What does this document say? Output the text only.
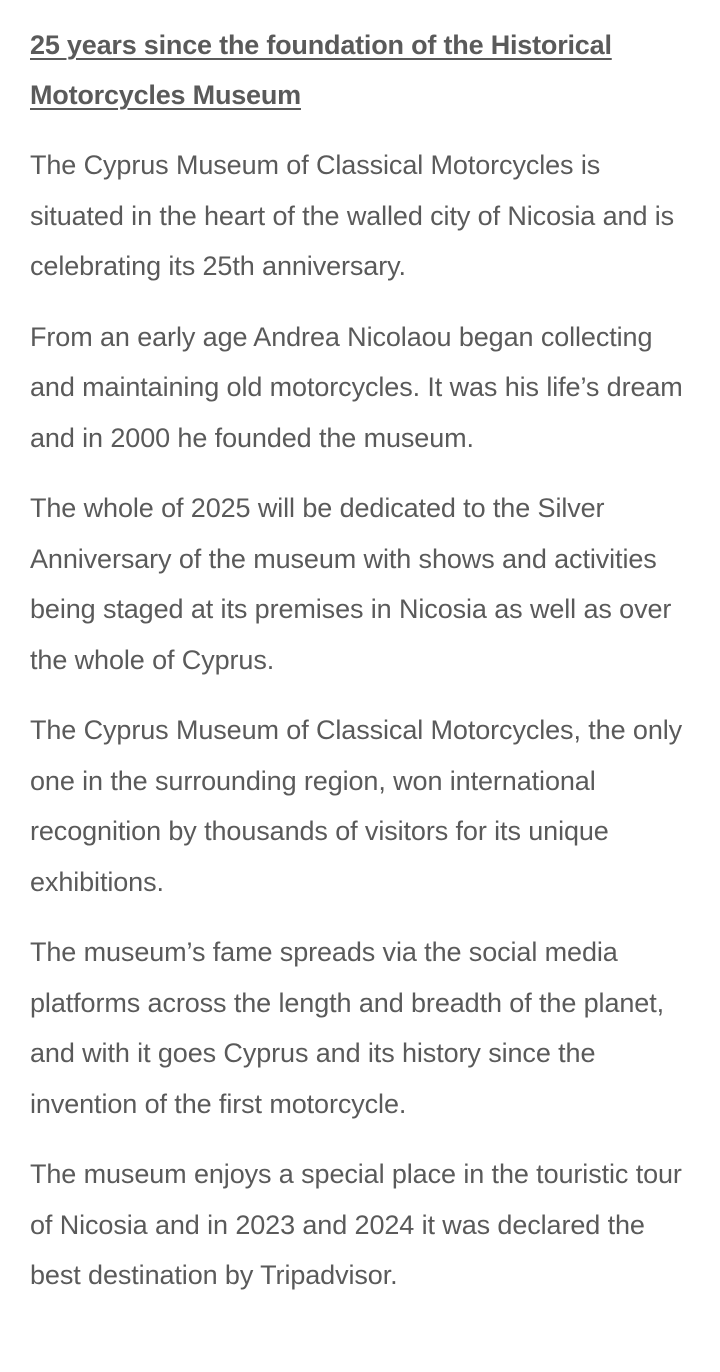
25 years since the foundation of the Historical Motorcycles Museum

The Cyprus Museum of Classical Motorcycles is situated in the heart of the walled city of Nicosia and is celebrating its 25th anniversary.

From an early age Andrea Nicolaou began collecting and maintaining old motorcycles. It was his life’s dream and in 2000 he founded the museum.

The whole of 2025 will be dedicated to the Silver Anniversary of the museum with shows and activities being staged at its premises in Nicosia as well as over the whole of Cyprus.

The Cyprus Museum of Classical Motorcycles, the only one in the surrounding region, won international recognition by thousands of visitors for its unique exhibitions.

The museum’s fame spreads via the social media platforms across the length and breadth of the planet, and with it goes Cyprus and its history since the invention of the first motorcycle.

The museum enjoys a special place in the touristic tour of Nicosia and in 2023 and 2024 it was declared the best destination by Tripadvisor.
